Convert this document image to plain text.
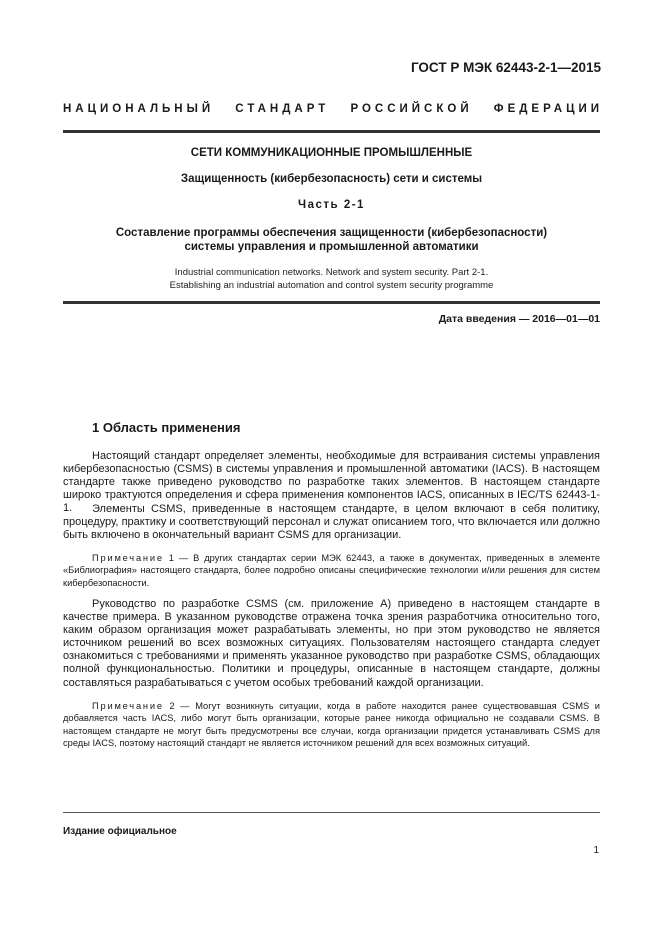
ГОСТ Р МЭК 62443-2-1—2015
НАЦИОНАЛЬНЫЙ СТАНДАРТ РОССИЙСКОЙ ФЕДЕРАЦИИ
СЕТИ КОММУНИКАЦИОННЫЕ ПРОМЫШЛЕННЫЕ
Защищенность (кибербезопасность) сети и системы
Часть 2-1
Составление программы обеспечения защищенности (кибербезопасности)
системы управления и промышленной автоматики
Industrial communication networks. Network and system security. Part 2-1.
Establishing an industrial automation and control system security programme
Дата введения — 2016—01—01
1 Область применения
Настоящий стандарт определяет элементы, необходимые для встраивания системы управления кибербезопасностью (CSMS) в системы управления и промышленной автоматики (IACS). В настоящем стандарте также приведено руководство по разработке таких элементов. В настоящем стандарте широко трактуются определения и сфера применения компонентов IACS, описанных в IEC/TS 62443-1-1.	Элементы CSMS, приведенные в настоящем стандарте, в целом включают в себя политику, процедуру, практику и соответствующий персонал и служат описанием того, что включается или должно быть включено в окончательный вариант CSMS для организации.
Примечание 1 — В других стандартах серии МЭК 62443, а также в документах, приведенных в элементе «Библиография» настоящего стандарта, более подробно описаны специфические технологии и/или решения для систем кибербезопасности.
Руководство по разработке CSMS (см. приложение А) приведено в настоящем стандарте в качестве примера. В указанном руководстве отражена точка зрения разработчика относительно того, каким образом организация может разрабатывать элементы, но при этом руководство не является источником решений во всех возможных ситуациях. Пользователям настоящего стандарта следует ознакомиться с требованиями и применять указанное руководство при разработке CSMS, обладающих полной функциональностью. Политики и процедуры, описанные в настоящем стандарте, должны составляться разрабатываться с учетом особых требований каждой организации.
Примечание 2 — Могут возникнуть ситуации, когда в работе находится ранее существовавшая CSMS и добавляется часть IACS, либо могут быть организации, которые ранее никогда официально не создавали CSMS. В настоящем стандарте не могут быть предусмотрены все случаи, когда организации придется устанавливать CSMS для среды IACS, поэтому настоящий стандарт не является источником решений для всех возможных ситуаций.
Издание официальное
1
